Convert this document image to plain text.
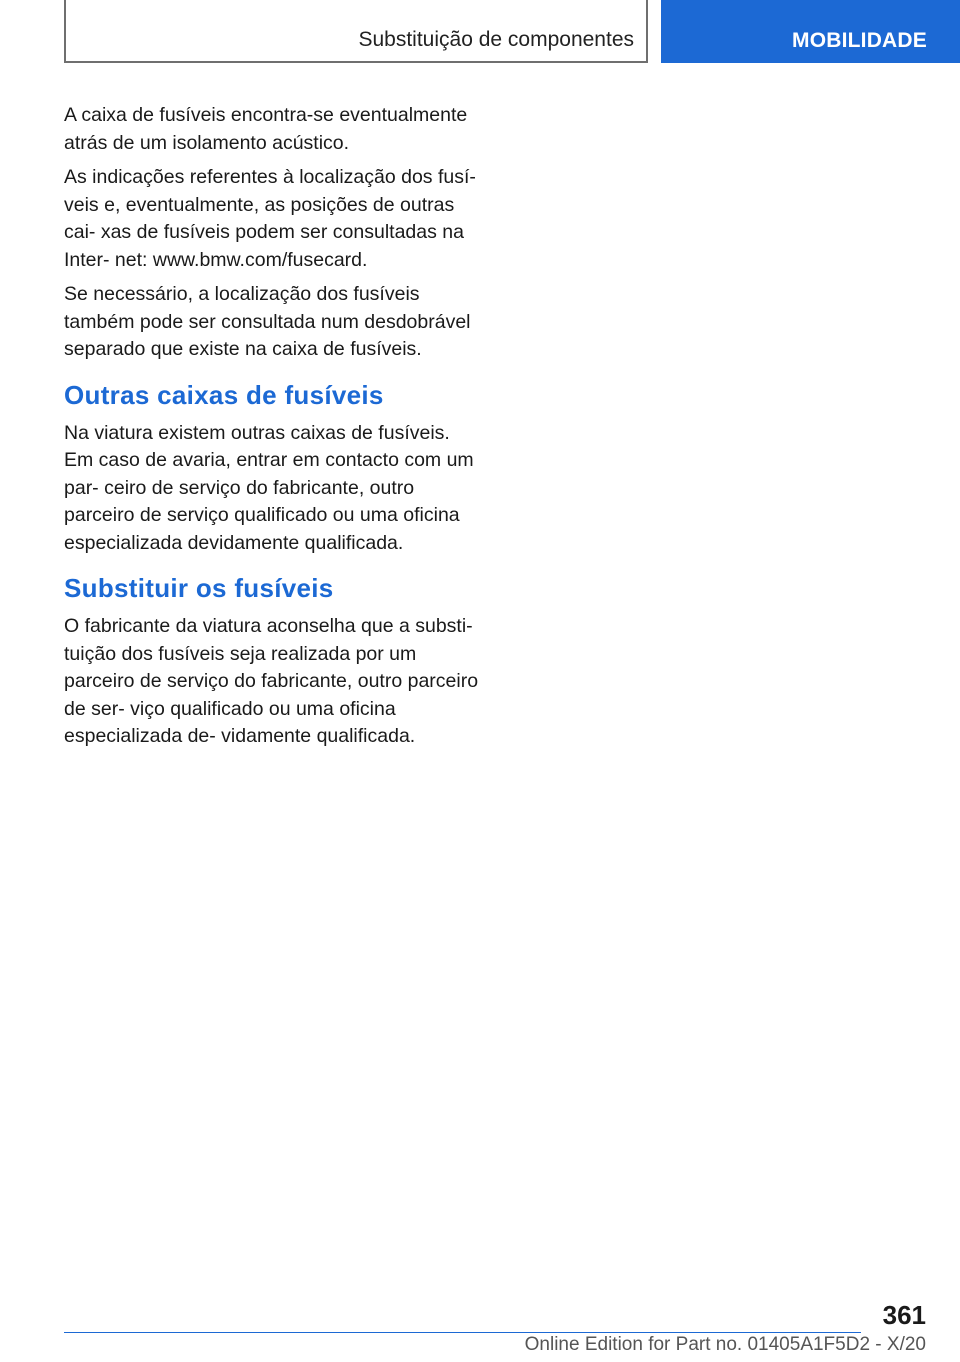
Substituição de componentes	MOBILIDADE

A caixa de fusíveis encontra-se eventualmente atrás de um isolamento acústico.

As indicações referentes à localização dos fusí- veis e, eventualmente, as posições de outras cai- xas de fusíveis podem ser consultadas na Inter- net: www.bmw.com/fusecard.

Se necessário, a localização dos fusíveis também pode ser consultada num desdobrável separado que existe na caixa de fusíveis.

Outras caixas de fusíveis

Na viatura existem outras caixas de fusíveis. Em caso de avaria, entrar em contacto com um par- ceiro de serviço do fabricante, outro parceiro de serviço qualificado ou uma oficina especializada devidamente qualificada.

Substituir os fusíveis

O fabricante da viatura aconselha que a substi- tuição dos fusíveis seja realizada por um parceiro de serviço do fabricante, outro parceiro de ser- viço qualificado ou uma oficina especializada de- vidamente qualificada.

361
Online Edition for Part no. 01405A1F5D2 - X/20
